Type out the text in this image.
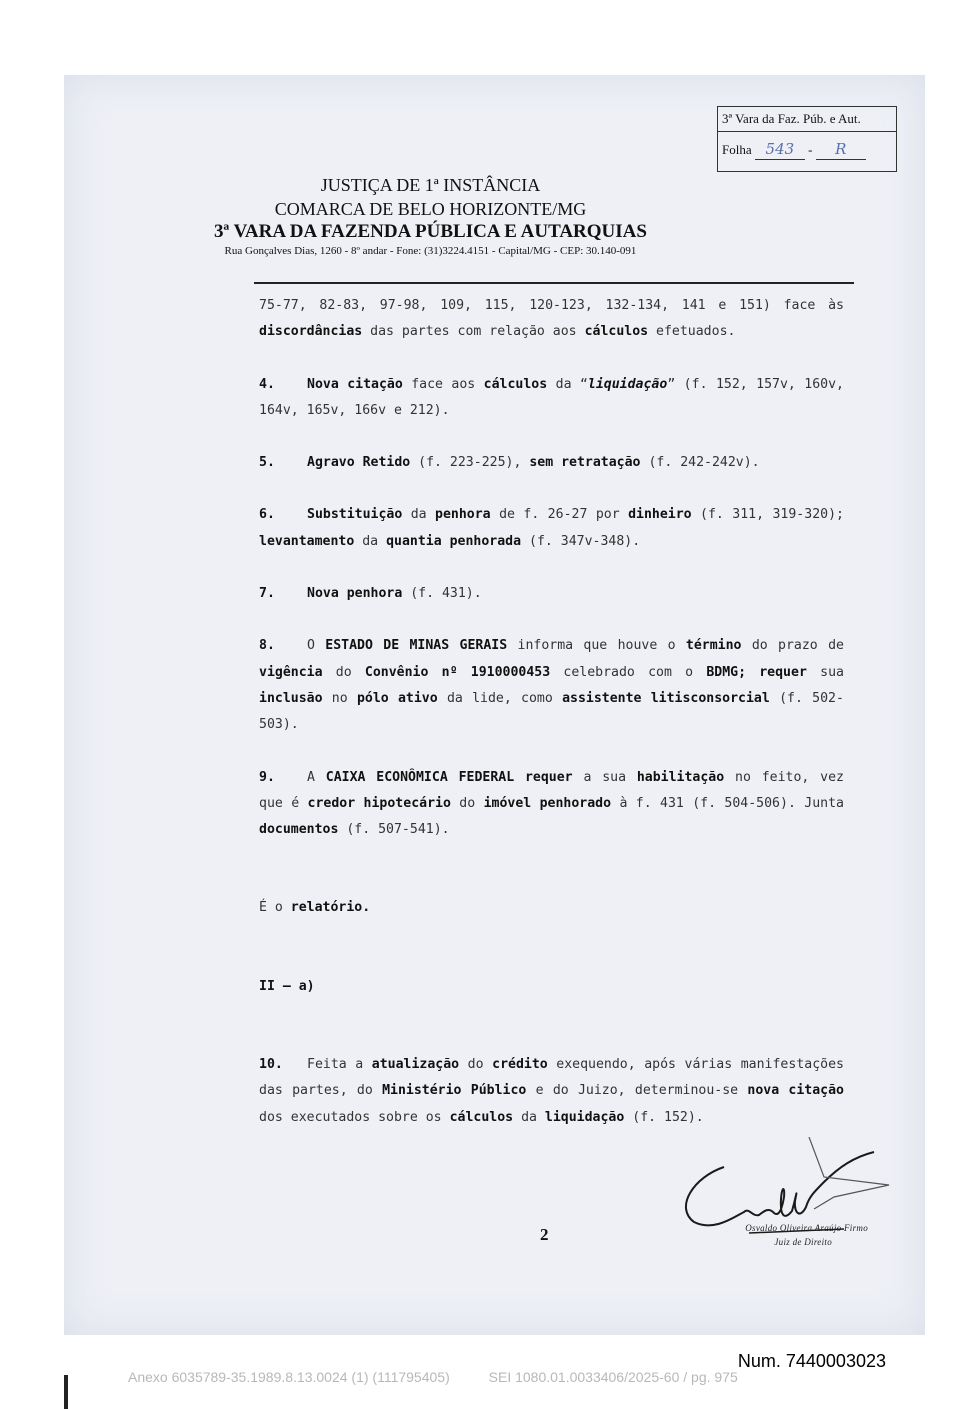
3ª Vara da Faz. Púb. e Aut.
Folha 543 - R
JUSTIÇA DE 1ª INSTÂNCIA
COMARCA DE BELO HORIZONTE/MG
3ª VARA DA FAZENDA PÚBLICA E AUTARQUIAS
Rua Gonçalves Dias, 1260 - 8º andar - Fone: (31)3224.4151 - Capital/MG - CEP: 30.140-091
75-77, 82-83, 97-98, 109, 115, 120-123, 132-134, 141 e 151) face às discordâncias das partes com relação aos cálculos efetuados.
4. Nova citação face aos cálculos da “liquidação” (f. 152, 157v, 160v, 164v, 165v, 166v e 212).
5. Agravo Retido (f. 223-225), sem retratação (f. 242-242v).
6. Substituição da penhora de f. 26-27 por dinheiro (f. 311, 319-320); levantamento da quantia penhorada (f. 347v-348).
7. Nova penhora (f. 431).
8. O ESTADO DE MINAS GERAIS informa que houve o término do prazo de vigência do Convênio nº 1910000453 celebrado com o BDMG; requer sua inclusão no pólo ativo da lide, como assistente litisconsorcial (f. 502-503).
9. A CAIXA ECONÔMICA FEDERAL requer a sua habilitação no feito, vez que é credor hipotecário do imóvel penhorado à f. 431 (f. 504-506). Junta documentos (f. 507-541).
É o relatório.
II – a)
10. Feita a atualização do crédito exequendo, após várias manifestações das partes, do Ministério Público e do Juizo, determinou-se nova citação dos executados sobre os cálculos da liquidação (f. 152).
2	Osvaldo Oliveira Araújo Firmo
Juiz de Direito
Num. 7440003023
Anexo 6035789-35.1989.8.13.0024 (1) (111795405)          SEI 1080.01.0033406/2025-60 / pg. 975
